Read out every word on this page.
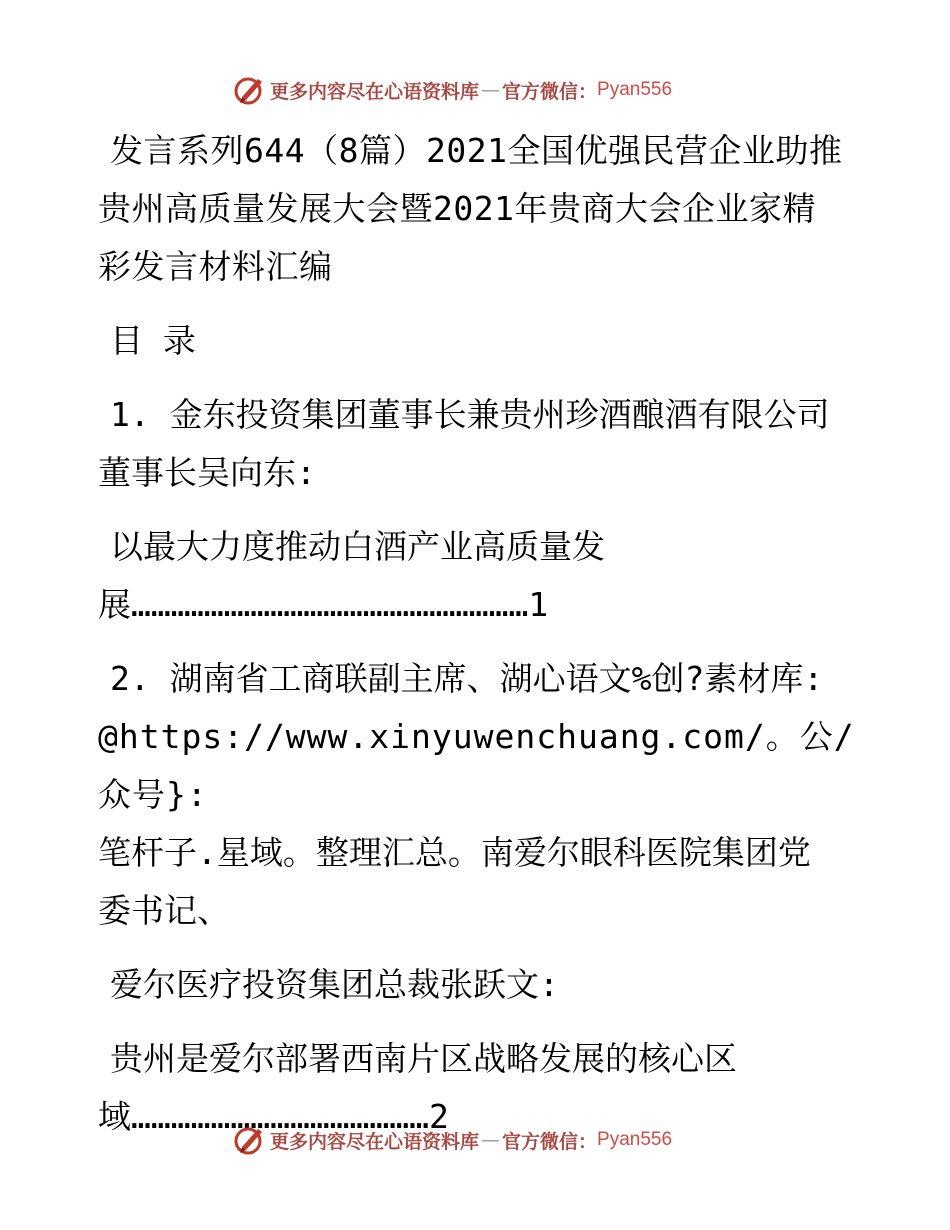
更多内容尽在心语资料库 — 官方微信： Pyan556

发言系列644（8篇）2021全国优强民营企业助推

贵州高质量发展大会暨2021年贵商大会企业家精

彩发言材料汇编

目 录

1. 金东投资集团董事长兼贵州珍酒酿酒有限公司

董事长吴向东:

以最大力度推动白酒产业高质量发

展……………………………………………………1

2. 湖南省工商联副主席、湖心语文%创?素材库:

@https://www.xinyuwenchuang.com/。公/众号}:

笔杆子.星域。整理汇总。南爱尔眼科医院集团党

委书记、

爱尔医疗投资集团总裁张跃文:

贵州是爱尔部署西南片区战略发展的核心区

域………………………………………2

更多内容尽在心语资料库 — 官方微信： Pyan556
